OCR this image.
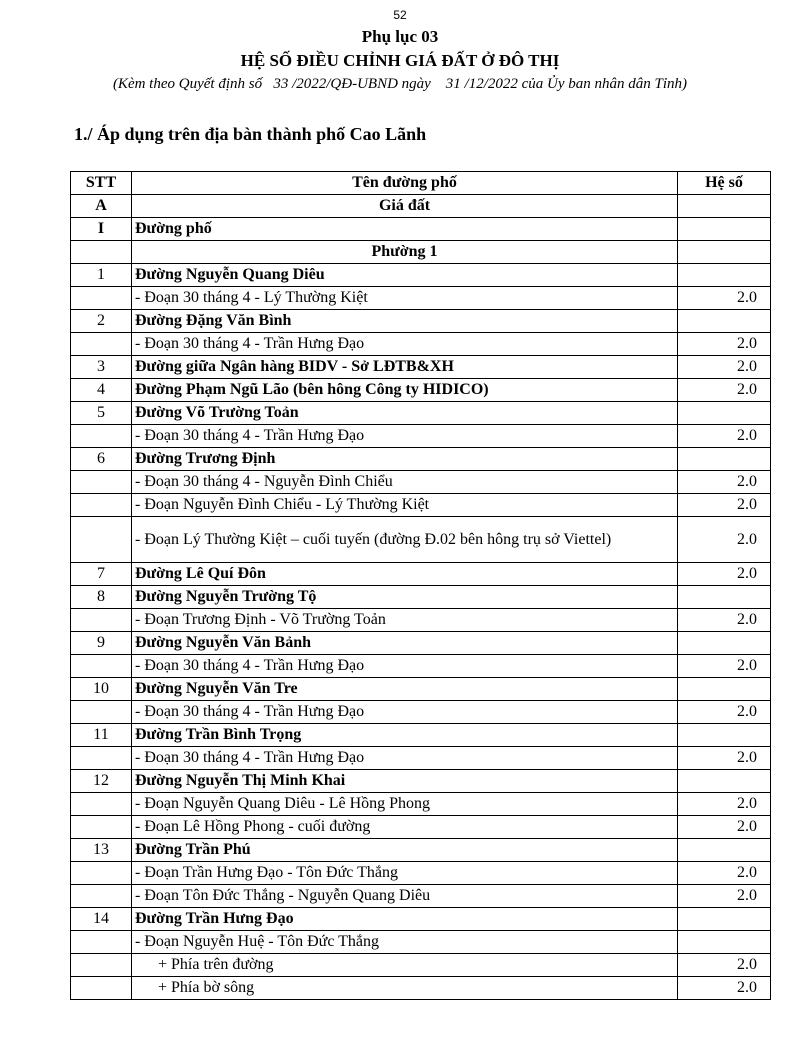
52
Phụ lục 03
HỆ SỐ ĐIỀU CHỈNH GIÁ ĐẤT Ở ĐÔ THỊ
(Kèm theo Quyết định số   33 /2022/QĐ-UBND ngày    31 /12/2022 của Ủy ban nhân dân Tỉnh)
1./ Áp dụng trên địa bàn thành phố Cao Lãnh
STT	Tên đường phố	Hệ số
A	Giá đất	
I	Đường phố	
	Phường 1	
1	Đường Nguyễn Quang Diêu	
	- Đoạn 30 tháng 4 - Lý Thường Kiệt	2.0
2	Đường Đặng Văn Bình	
	- Đoạn 30 tháng 4 - Trần Hưng Đạo	2.0
3	Đường giữa Ngân hàng BIDV - Sở LĐTB&XH	2.0
4	Đường Phạm Ngũ Lão (bên hông Công ty HIDICO)	2.0
5	Đường Võ Trường Toản	
	- Đoạn 30 tháng 4 - Trần Hưng Đạo	2.0
6	Đường Trương Định	
	- Đoạn 30 tháng 4 - Nguyễn Đình Chiểu	2.0
	- Đoạn Nguyễn Đình Chiểu - Lý Thường Kiệt	2.0
	- Đoạn Lý Thường Kiệt – cuối tuyến (đường Đ.02 bên hông trụ sở Viettel)	2.0
7	Đường Lê Quí Đôn	2.0
8	Đường Nguyễn Trường Tộ	
	- Đoạn Trương Định - Võ Trường Toản	2.0
9	Đường Nguyễn Văn Bảnh	
	- Đoạn 30 tháng 4 - Trần Hưng Đạo	2.0
10	Đường Nguyễn Văn Tre	
	- Đoạn 30 tháng 4 - Trần Hưng Đạo	2.0
11	Đường Trần Bình Trọng	
	- Đoạn 30 tháng 4 - Trần Hưng Đạo	2.0
12	Đường Nguyễn Thị Minh Khai	
	- Đoạn Nguyễn Quang Diêu - Lê Hồng Phong	2.0
	- Đoạn Lê Hồng Phong - cuối đường	2.0
13	Đường Trần Phú	
	- Đoạn Trần Hưng Đạo - Tôn Đức Thắng	2.0
	- Đoạn Tôn Đức Thắng - Nguyễn Quang Diêu	2.0
14	Đường Trần Hưng Đạo	
	- Đoạn Nguyễn Huệ - Tôn Đức Thắng	
	+ Phía trên đường	2.0
	+ Phía bờ sông	2.0
